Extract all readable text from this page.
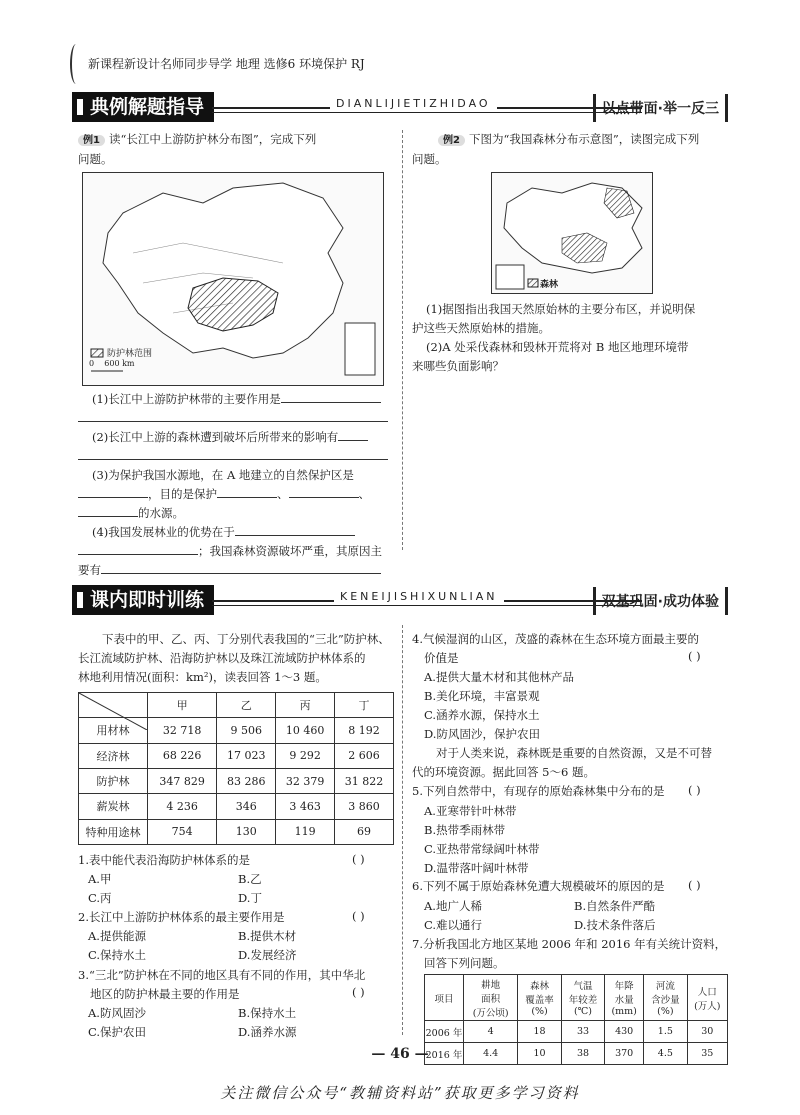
新课程新设计名师同步导学 地理 选修6 环境保护 RJ
典例解题指导	DIANLIJIETIZHIDAO	以点带面·举一反三
例1 读“长江中上游防护林分布图”，完成下列
问题。
防护林范围
0    600 km
(1)长江中上游防护林带的主要作用是
(2)长江中上游的森林遭到破坏后所带来的影响有
(3)为保护我国水源地，在 A 地建立的自然保护区是
，目的是保护	、	、
的水源。
(4)我国发展林业的优势在于
；我国森林资源破坏严重，其原因主
要有
例2 下图为“我国森林分布示意图”，读图完成下列
问题。
森林
(1)据图指出我国天然原始林的主要分布区，并说明保
护这些天然原始林的措施。
(2)A 处采伐森林和毁林开荒将对 B 地区地理环境带
来哪些负面影响？
课内即时训练	KENEIJISHIXUNLIAN	双基巩固·成功体验
下表中的甲、乙、丙、丁分别代表我国的“三北”防护林、
长江流域防护林、沿海防护林以及珠江流域防护林体系的
林地利用情况(面积：km²)，读表回答 1～3 题。
	甲	乙	丙	丁
用材林	32 718	9 506	10 460	8 192
经济林	68 226	17 023	9 292	2 606
防护林	347 829	83 286	32 379	31 822
薪炭林	4 236	346	3 463	3 860
特种用途林	754	130	119	69
1.表中能代表沿海防护林体系的是	( )
A.甲	B.乙
C.丙	D.丁
2.长江中上游防护林体系的最主要作用是	( )
A.提供能源	B.提供木材
C.保持水土	D.发展经济
3.“三北”防护林在不同的地区具有不同的作用，其中华北
地区的防护林最主要的作用是	( )
A.防风固沙	B.保持水土
C.保护农田	D.涵养水源
4.气候湿润的山区，茂盛的森林在生态环境方面最主要的
价值是	( )
A.提供大量木材和其他林产品
B.美化环境，丰富景观
C.涵养水源，保持水土
D.防风固沙，保护农田
对于人类来说，森林既是重要的自然资源，又是不可替
代的环境资源。据此回答 5～6 题。
5.下列自然带中，有现存的原始森林集中分布的是 ( )
A.亚寒带针叶林带
B.热带季雨林带
C.亚热带常绿阔叶林带
D.温带落叶阔叶林带
6.下列不属于原始森林免遭大规模破坏的原因的是 ( )
A.地广人稀	B.自然条件严酷
C.难以通行	D.技术条件落后
7.分析我国北方地区某地 2006 年和 2016 年有关统计资料，
回答下列问题。
项目	耕地
面积
(万公顷)	森林
覆盖率
(%)	气温
年较差
(℃)	年降
水量
(mm)	河流
含沙量
(%)	人口
(万人)
2006 年	4	18	33	430	1.5	30
2016 年	4.4	10	38	370	4.5	35
— 46 —
关注微信公众号“教辅资料站”获取更多学习资料
